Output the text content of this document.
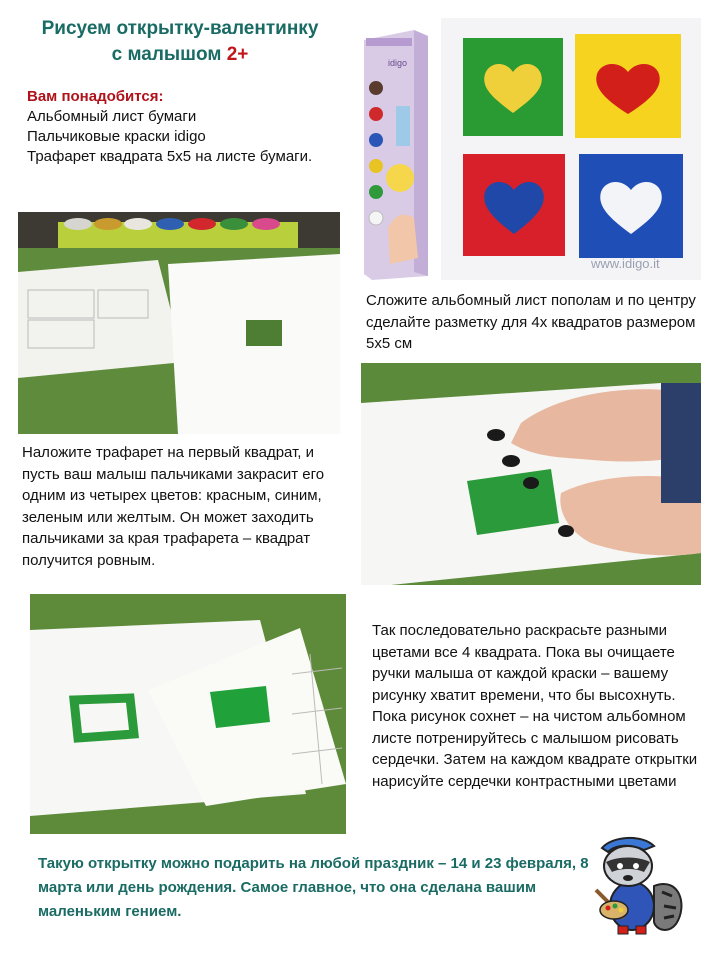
Рисуем открытку-валентинку
с малышом 2+
Вам понадобится:
Альбомный лист бумаги
Пальчиковые краски idigo
Трафарет квадрата 5х5 на листе бумаги.
idigo
www.idigo.it
Сложите альбомный лист пополам и по центру сделайте разметку для 4х квадратов размером 5х5 см
Наложите трафарет на первый квадрат, и пусть ваш малыш пальчиками закрасит его одним из четырех цветов: красным, синим, зеленым или желтым. Он может заходить пальчиками за края трафарета – квадрат получится ровным.
Так последовательно раскрасьте разными цветами все 4 квадрата. Пока вы очищаете ручки малыша от каждой краски – вашему рисунку хватит времени, что бы высохнуть. Пока рисунок сохнет – на чистом альбомном листе потренируйтесь с малышом рисовать сердечки. Затем на каждом квадрате открытки нарисуйте сердечки контрастными цветами
Такую открытку можно подарить на любой праздник – 14 и 23 февраля, 8 марта или день рождения. Самое главное, что она сделана вашим маленьким гением.
